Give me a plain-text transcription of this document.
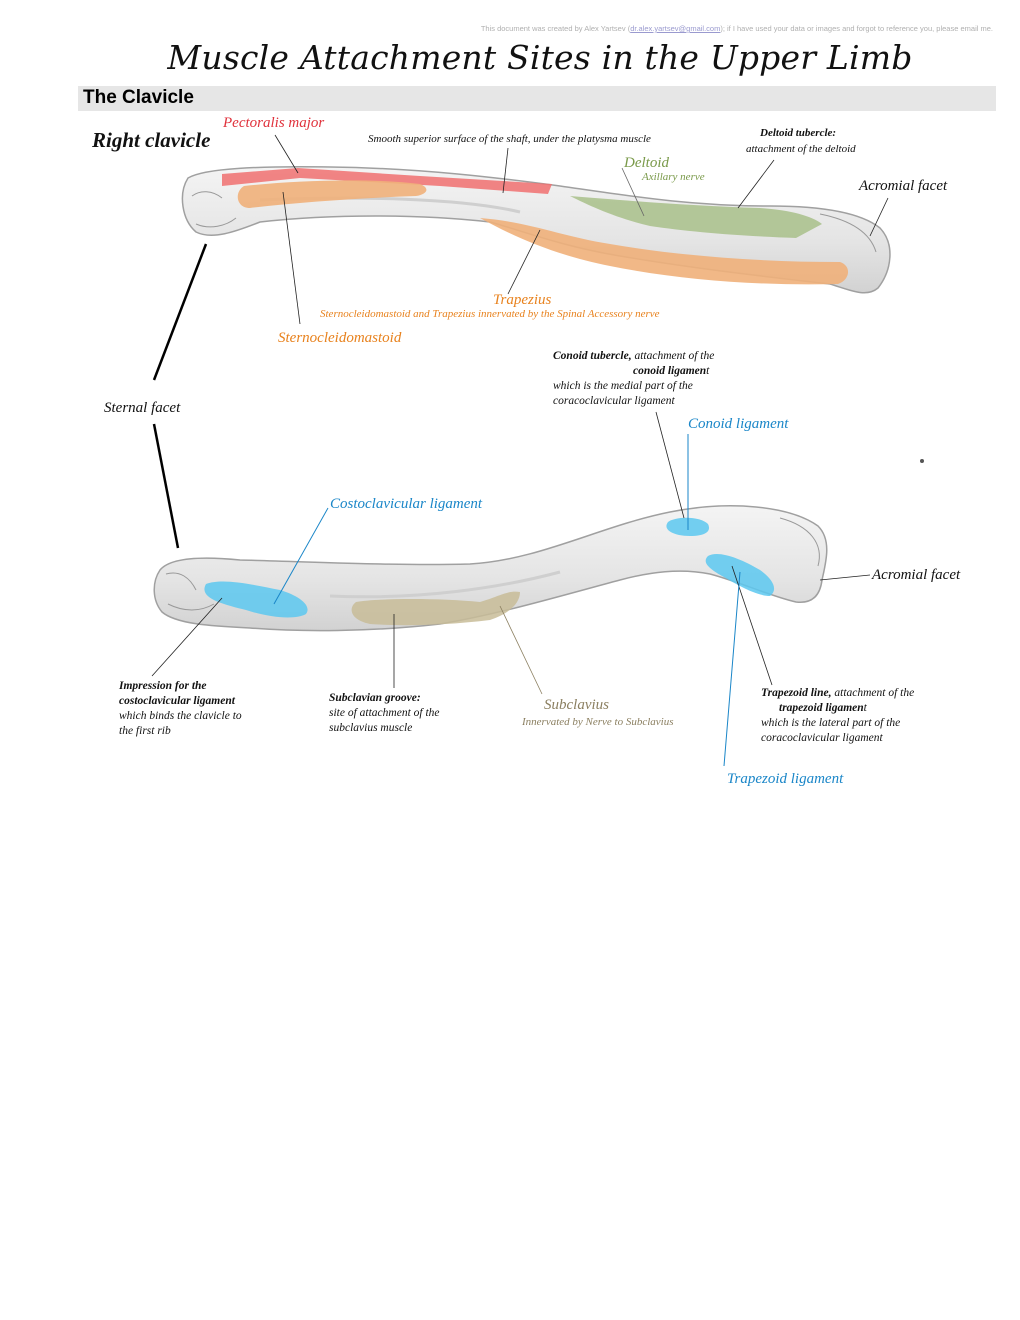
This document was created by Alex Yartsev (dr.alex.yartsev@gmail.com); if I have used your data or images and forgot to reference you, please email me.
Muscle Attachment Sites in the Upper Limb
The Clavicle
Right clavicle
Pectoralis major
Smooth superior surface of the shaft, under the platysma muscle	Deltoid tubercle:
attachment of the deltoid
Deltoid
Axillary nerve
Acromial facet
Trapezius
Sternocleidomastoid and Trapezius innervated by the Spinal Accessory nerve
Sternocleidomastoid
Sternal facet
Conoid tubercle, attachment of the
conoid ligament
which is the medial part of the
coracoclavicular ligament
Conoid ligament
Costoclavicular ligament
Acromial facet
Impression for the
costoclavicular ligament
which binds the clavicle to
the first rib
Subclavian groove:
site of attachment of the
subclavius muscle
Subclavius
Innervated by Nerve to Subclavius
Trapezoid line, attachment of the
trapezoid ligament
which is the lateral part of the
coracoclavicular ligament
Trapezoid ligament
